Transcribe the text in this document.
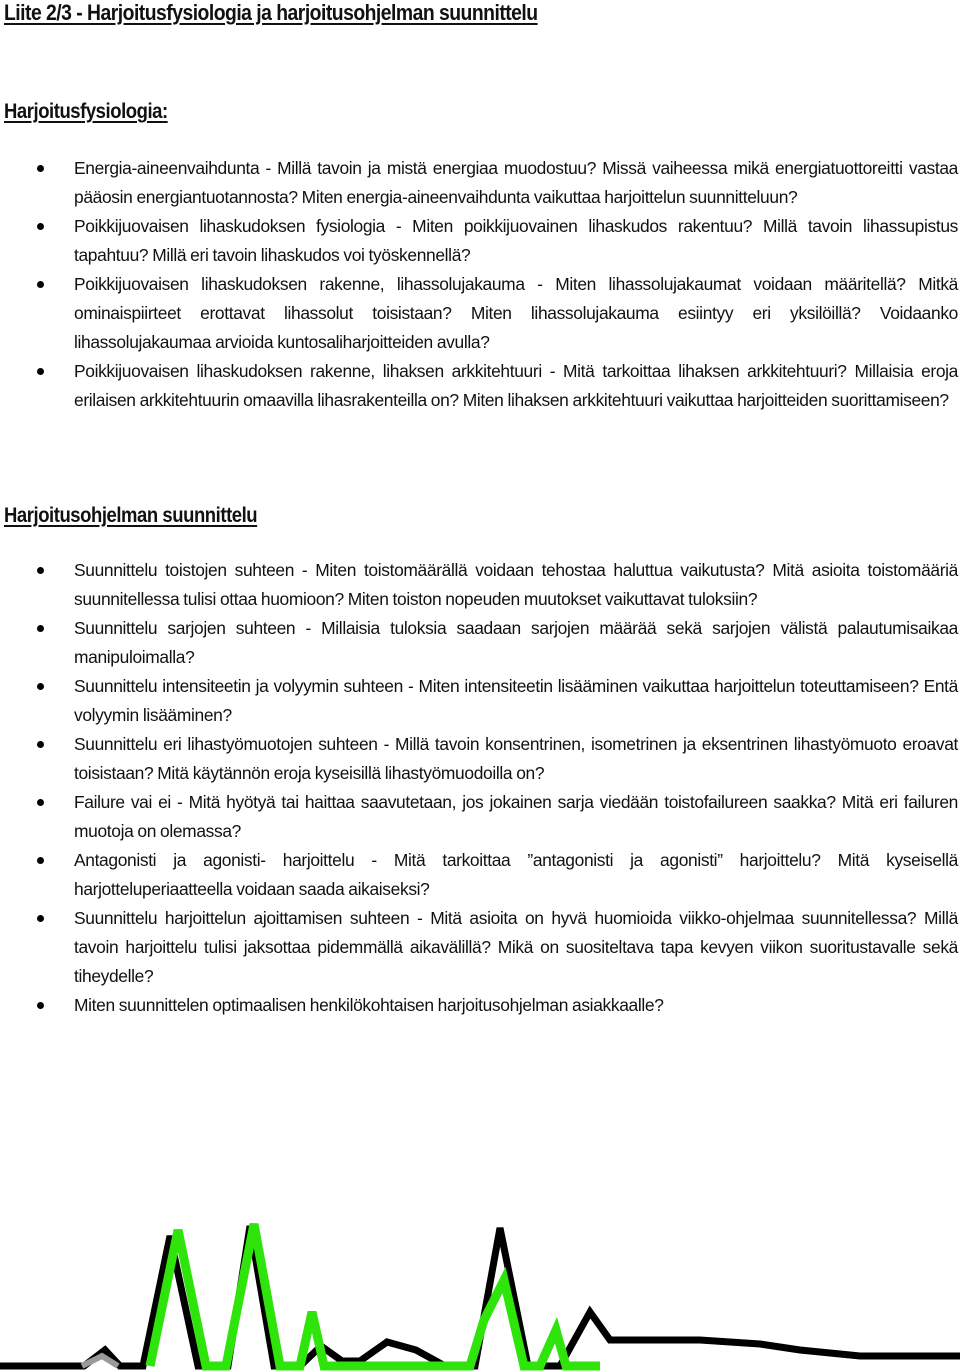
Liite 2/3 - Harjoitusfysiologia ja harjoitusohjelman suunnittelu
Harjoitusfysiologia:
Energia-aineenvaihdunta - Millä tavoin ja mistä energiaa muodostuu? Missä vaiheessa mikä energiatuottoreitti vastaa pääosin energiantuotannosta? Miten energia-aineenvaihdunta vaikuttaa harjoittelun suunnitteluun?
Poikkijuovaisen lihaskudoksen fysiologia - Miten poikkijuovainen lihaskudos rakentuu? Millä tavoin lihassupistus tapahtuu? Millä eri tavoin lihaskudos voi työskennellä?
Poikkijuovaisen lihaskudoksen rakenne, lihassolujakauma - Miten lihassolujakaumat voidaan määritellä? Mitkä ominaispiirteet erottavat lihassolut toisistaan? Miten lihassolujakauma esiintyy eri yksilöillä? Voidaanko lihassolujakaumaa arvioida kuntosaliharjoitteiden avulla?
Poikkijuovaisen lihaskudoksen rakenne, lihaksen arkkitehtuuri - Mitä tarkoittaa lihaksen arkkitehtuuri? Millaisia eroja erilaisen arkkitehtuurin omaavilla lihasrakenteilla on? Miten lihaksen arkkitehtuuri vaikuttaa harjoitteiden suorittamiseen?
Harjoitusohjelman suunnittelu
Suunnittelu toistojen suhteen - Miten toistomäärällä voidaan tehostaa haluttua vaikutusta? Mitä asioita toistomääriä suunnitellessa tulisi ottaa huomioon? Miten toiston nopeuden muutokset vaikuttavat tuloksiin?
Suunnittelu sarjojen suhteen - Millaisia tuloksia saadaan sarjojen määrää sekä sarjojen välistä palautumisaikaa manipuloimalla?
Suunnittelu intensiteetin ja volyymin suhteen - Miten intensiteetin lisääminen vaikuttaa harjoittelun toteuttamiseen? Entä volyymin lisääminen?
Suunnittelu eri lihastyömuotojen suhteen - Millä tavoin konsentrinen, isometrinen ja eksentrinen lihastyömuoto eroavat toisistaan? Mitä käytännön eroja kyseisillä lihastyömuodoilla on?
Failure vai ei - Mitä hyötyä tai haittaa saavutetaan, jos jokainen sarja viedään toistofailureen saakka? Mitä eri failuren muotoja on olemassa?
Antagonisti ja agonisti- harjoittelu - Mitä tarkoittaa ”antagonisti ja agonisti” harjoittelu? Mitä kyseisellä harjotteluperiaatteella voidaan saada aikaiseksi?
Suunnittelu harjoittelun ajoittamisen suhteen - Mitä asioita on hyvä huomioida viikko-ohjelmaa suunnitellessa? Millä tavoin harjoittelu tulisi jaksottaa pidemmällä aikavälillä? Mikä on suositeltava tapa kevyen viikon suoritustavalle sekä tiheydelle?
Miten suunnittelen optimaalisen henkilökohtaisen harjoitusohjelman asiakkaalle?
